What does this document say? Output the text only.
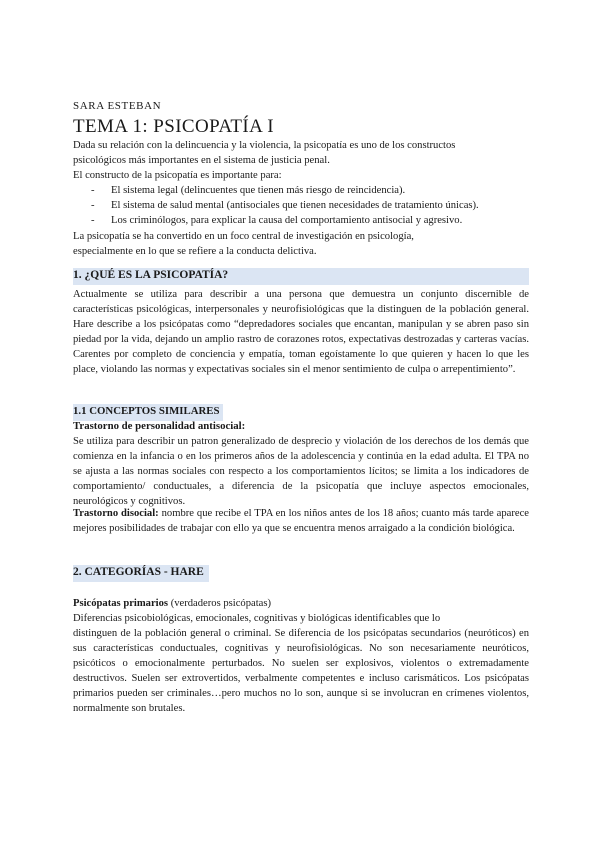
SARA ESTEBAN
TEMA 1: PSICOPATÍA I
Dada su relación con la delincuencia y la violencia, la psicopatía es uno de los constructos
psicológicos más importantes en el sistema de justicia penal.
El constructo de la psicopatía es importante para:
- El sistema legal (delincuentes que tienen más riesgo de reincidencia).
- El sistema de salud mental (antisociales que tienen necesidades de tratamiento únicas).
- Los criminólogos, para explicar la causa del comportamiento antisocial y agresivo.
La psicopatía se ha convertido en un foco central de investigación en psicología,
especialmente en lo que se refiere a la conducta delictiva.
1. ¿QUÉ ES LA PSICOPATÍA?
Actualmente se utiliza para describir a una persona que demuestra un conjunto discernible de características psicológicas, interpersonales y neurofisiológicas que la distinguen de la población general. Hare describe a los psicópatas como “depredadores sociales que encantan, manipulan y se abren paso sin piedad por la vida, dejando un amplio rastro de corazones rotos, expectativas destrozadas y carteras vacías. Carentes por completo de conciencia y empatía, toman egoístamente lo que quieren y hacen lo que les place, violando las normas y expectativas sociales sin el menor sentimiento de culpa o arrepentimiento”.
1.1 CONCEPTOS SIMILARES
Trastorno de personalidad antisocial:
Se utiliza para describir un patron generalizado de desprecio y violación de los derechos de los demás que comienza en la infancia o en los primeros años de la adolescencia y continúa en la edad adulta. El TPA no se ajusta a las normas sociales con respecto a los comportamientos lícitos; se limita a los indicadores de comportamiento/ conductuales, a diferencia de la psicopatía que incluye aspectos emocionales, neurológicos y cognitivos.
Trastorno disocial: nombre que recibe el TPA en los niños antes de los 18 años; cuanto más tarde aparece mejores posibilidades de trabajar con ello ya que se encuentra menos arraigado a la condición biológica.
2. CATEGORÍAS - HARE
Psicópatas primarios (verdaderos psicópatas)
Diferencias psicobiológicas, emocionales, cognitivas y biológicas identificables que lo
distinguen de la población general o criminal. Se diferencia de los psicópatas secundarios (neuróticos) en sus características conductuales, cognitivas y neurofisiológicas. No son necesariamente neuróticos, psicóticos o emocionalmente perturbados. No suelen ser explosivos, violentos o extremadamente destructivos. Suelen ser extrovertidos, verbalmente competentes e incluso carismáticos. Los psicópatas primarios pueden ser criminales…pero muchos no lo son, aunque si se involucran en crímenes violentos, normalmente son brutales.
